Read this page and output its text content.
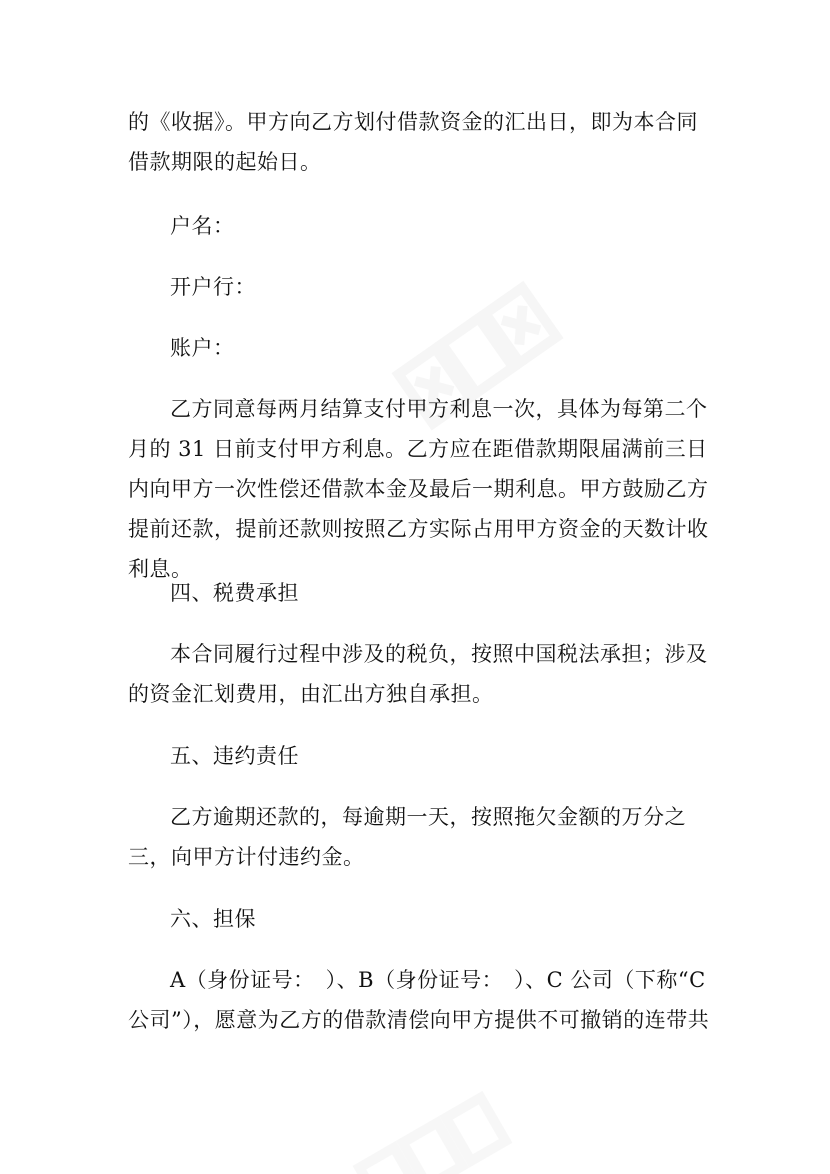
的《收据》。甲方向乙方划付借款资金的汇出日，即为本合同借款期限的起始日。

户名：

开户行：

账户：

乙方同意每两月结算支付甲方利息一次，具体为每第二个月的 31 日前支付甲方利息。乙方应在距借款期限届满前三日内向甲方一次性偿还借款本金及最后一期利息。甲方鼓励乙方提前还款，提前还款则按照乙方实际占用甲方资金的天数计收利息。

四、税费承担

本合同履行过程中涉及的税负，按照中国税法承担；涉及的资金汇划费用，由汇出方独自承担。

五、违约责任

乙方逾期还款的，每逾期一天，按照拖欠金额的万分之三，向甲方计付违约金。

六、担保

A（身份证号：　）、B（身份证号：　）、C 公司（下称“C 公司”），愿意为乙方的借款清偿向甲方提供不可撤销的连带共
